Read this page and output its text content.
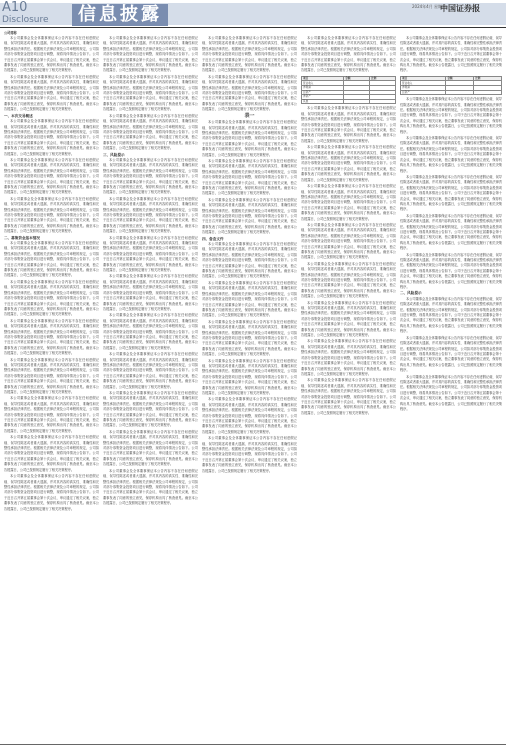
A10
Disclosure	信息披露	2024年4月 星期四
中国证券报
公司简称

本公司董事会及全体董事保证本公告内容不存在任何虚假记载、误导性陈述或者重大遗漏，并对其内容的真实性、准确性和完整性承担法律责任。根据相关法律法规及公司章程的规定，公司拟对部分募集资金投资项目进行调整，现将具体情况公告如下。公司于近日召开第五届董事会第十次会议，审议通过了相关议案，独立董事发表了同意的独立意见，保荐机构出具了核查意见。截至本公告披露日，公司已按照规定履行了相关决策程序。

本公司董事会及全体董事保证本公告内容不存在任何虚假记载、误导性陈述或者重大遗漏，并对其内容的真实性、准确性和完整性承担法律责任。根据相关法律法规及公司章程的规定，公司拟对部分募集资金投资项目进行调整，现将具体情况公告如下。公司于近日召开第五届董事会第十次会议，审议通过了相关议案，独立董事发表了同意的独立意见，保荐机构出具了核查意见。截至本公告披露日，公司已按照规定履行了相关决策程序。

一、本次交易概述

本公司董事会及全体董事保证本公告内容不存在任何虚假记载、误导性陈述或者重大遗漏，并对其内容的真实性、准确性和完整性承担法律责任。根据相关法律法规及公司章程的规定，公司拟对部分募集资金投资项目进行调整，现将具体情况公告如下。公司于近日召开第五届董事会第十次会议，审议通过了相关议案，独立董事发表了同意的独立意见，保荐机构出具了核查意见。截至本公告披露日，公司已按照规定履行了相关决策程序。

本公司董事会及全体董事保证本公告内容不存在任何虚假记载、误导性陈述或者重大遗漏，并对其内容的真实性、准确性和完整性承担法律责任。根据相关法律法规及公司章程的规定，公司拟对部分募集资金投资项目进行调整，现将具体情况公告如下。公司于近日召开第五届董事会第十次会议，审议通过了相关议案，独立董事发表了同意的独立意见，保荐机构出具了核查意见。截至本公告披露日，公司已按照规定履行了相关决策程序。

本公司董事会及全体董事保证本公告内容不存在任何虚假记载、误导性陈述或者重大遗漏，并对其内容的真实性、准确性和完整性承担法律责任。根据相关法律法规及公司章程的规定，公司拟对部分募集资金投资项目进行调整，现将具体情况公告如下。公司于近日召开第五届董事会第十次会议，审议通过了相关议案，独立董事发表了同意的独立意见，保荐机构出具了核查意见。截至本公告披露日，公司已按照规定履行了相关决策程序。

二、募集资金基本情况

本公司董事会及全体董事保证本公告内容不存在任何虚假记载、误导性陈述或者重大遗漏，并对其内容的真实性、准确性和完整性承担法律责任。根据相关法律法规及公司章程的规定，公司拟对部分募集资金投资项目进行调整，现将具体情况公告如下。公司于近日召开第五届董事会第十次会议，审议通过了相关议案，独立董事发表了同意的独立意见，保荐机构出具了核查意见。截至本公告披露日，公司已按照规定履行了相关决策程序。

本公司董事会及全体董事保证本公告内容不存在任何虚假记载、误导性陈述或者重大遗漏，并对其内容的真实性、准确性和完整性承担法律责任。根据相关法律法规及公司章程的规定，公司拟对部分募集资金投资项目进行调整，现将具体情况公告如下。公司于近日召开第五届董事会第十次会议，审议通过了相关议案，独立董事发表了同意的独立意见，保荐机构出具了核查意见。截至本公告披露日，公司已按照规定履行了相关决策程序。

本公司董事会及全体董事保证本公告内容不存在任何虚假记载、误导性陈述或者重大遗漏，并对其内容的真实性、准确性和完整性承担法律责任。根据相关法律法规及公司章程的规定，公司拟对部分募集资金投资项目进行调整，现将具体情况公告如下。公司于近日召开第五届董事会第十次会议，审议通过了相关议案，独立董事发表了同意的独立意见，保荐机构出具了核查意见。截至本公告披露日，公司已按照规定履行了相关决策程序。

本公司董事会及全体董事保证本公告内容不存在任何虚假记载、误导性陈述或者重大遗漏，并对其内容的真实性、准确性和完整性承担法律责任。根据相关法律法规及公司章程的规定，公司拟对部分募集资金投资项目进行调整，现将具体情况公告如下。公司于近日召开第五届董事会第十次会议，审议通过了相关议案，独立董事发表了同意的独立意见，保荐机构出具了核查意见。截至本公告披露日，公司已按照规定履行了相关决策程序。

本公司董事会及全体董事保证本公告内容不存在任何虚假记载、误导性陈述或者重大遗漏，并对其内容的真实性、准确性和完整性承担法律责任。根据相关法律法规及公司章程的规定，公司拟对部分募集资金投资项目进行调整，现将具体情况公告如下。公司于近日召开第五届董事会第十次会议，审议通过了相关议案，独立董事发表了同意的独立意见，保荐机构出具了核查意见。截至本公告披露日，公司已按照规定履行了相关决策程序。

本公司董事会及全体董事保证本公告内容不存在任何虚假记载、误导性陈述或者重大遗漏，并对其内容的真实性、准确性和完整性承担法律责任。根据相关法律法规及公司章程的规定，公司拟对部分募集资金投资项目进行调整，现将具体情况公告如下。公司于近日召开第五届董事会第十次会议，审议通过了相关议案，独立董事发表了同意的独立意见，保荐机构出具了核查意见。截至本公告披露日，公司已按照规定履行了相关决策程序。

本公司董事会及全体董事保证本公告内容不存在任何虚假记载、误导性陈述或者重大遗漏，并对其内容的真实性、准确性和完整性承担法律责任。根据相关法律法规及公司章程的规定，公司拟对部分募集资金投资项目进行调整，现将具体情况公告如下。公司于近日召开第五届董事会第十次会议，审议通过了相关议案，独立董事发表了同意的独立意见，保荐机构出具了核查意见。截至本公告披露日，公司已按照规定履行了相关决策程序。

本公司董事会及全体董事保证本公告内容不存在任何虚假记载、误导性陈述或者重大遗漏，并对其内容的真实性、准确性和完整性承担法律责任。根据相关法律法规及公司章程的规定，公司拟对部分募集资金投资项目进行调整，现将具体情况公告如下。公司于近日召开第五届董事会第十次会议，审议通过了相关议案，独立董事发表了同意的独立意见，保荐机构出具了核查意见。截至本公告披露日，公司已按照规定履行了相关决策程序。

本公司董事会及全体董事保证本公告内容不存在任何虚假记载、误导性陈述或者重大遗漏，并对其内容的真实性、准确性和完整性承担法律责任。根据相关法律法规及公司章程的规定，公司拟对部分募集资金投资项目进行调整，现将具体情况公告如下。公司于近日召开第五届董事会第十次会议，审议通过了相关议案，独立董事发表了同意的独立意见，保荐机构出具了核查意见。截至本公告披露日，公司已按照规定履行了相关决策程序。

本公司董事会及全体董事保证本公告内容不存在任何虚假记载、误导性陈述或者重大遗漏，并对其内容的真实性、准确性和完整性承担法律责任。根据相关法律法规及公司章程的规定，公司拟对部分募集资金投资项目进行调整，现将具体情况公告如下。公司于近日召开第五届董事会第十次会议，审议通过了相关议案，独立董事发表了同意的独立意见，保荐机构出具了核查意见。截至本公告披露日，公司已按照规定履行了相关决策程序。

三、风险提示

本公司董事会及全体董事保证本公告内容不存在任何虚假记载、误导性陈述或者重大遗漏，并对其内容的真实性、准确性和完整性承担法律责任。根据相关法律法规及公司章程的规定，公司拟对部分募集资金投资项目进行调整，现将具体情况公告如下。公司于近日召开第五届董事会第十次会议，审议通过了相关议案，独立董事发表了同意的独立意见，保荐机构出具了核查意见。截至本公告披露日，公司已按照规定履行了相关决策程序。

本公司董事会及全体董事保证本公告内容不存在任何虚假记载、误导性陈述或者重大遗漏，并对其内容的真实性、准确性和完整性承担法律责任。根据相关法律法规及公司章程的规定，公司拟对部分募集资金投资项目进行调整，现将具体情况公告如下。公司于近日召开第五届董事会第十次会议，审议通过了相关议案，独立董事发表了同意的独立意见，保荐机构出具了核查意见。截至本公告披露日，公司已按照规定履行了相关决策程序。

本公司董事会及全体董事保证本公告内容不存在任何虚假记载、误导性陈述或者重大遗漏，并对其内容的真实性、准确性和完整性承担法律责任。根据相关法律法规及公司章程的规定，公司拟对部分募集资金投资项目进行调整，现将具体情况公告如下。公司于近日召开第五届董事会第十次会议，审议通过了相关议案，独立董事发表了同意的独立意见，保荐机构出具了核查意见。截至本公告披露日，公司已按照规定履行了相关决策程序。

本公司董事会及全体董事保证本公告内容不存在任何虚假记载、误导性陈述或者重大遗漏，并对其内容的真实性、准确性和完整性承担法律责任。根据相关法律法规及公司章程的规定，公司拟对部分募集资金投资项目进行调整，现将具体情况公告如下。公司于近日召开第五届董事会第十次会议，审议通过了相关议案，独立董事发表了同意的独立意见，保荐机构出具了核查意见。截至本公告披露日，公司已按照规定履行了相关决策程序。

本公司董事会及全体董事保证本公告内容不存在任何虚假记载、误导性陈述或者重大遗漏，并对其内容的真实性、准确性和完整性承担法律责任。根据相关法律法规及公司章程的规定，公司拟对部分募集资金投资项目进行调整，现将具体情况公告如下。公司于近日召开第五届董事会第十次会议，审议通过了相关议案，独立董事发表了同意的独立意见，保荐机构出具了核查意见。截至本公告披露日，公司已按照规定履行了相关决策程序。

本公司董事会及全体董事保证本公告内容不存在任何虚假记载、误导性陈述或者重大遗漏，并对其内容的真实性、准确性和完整性承担法律责任。根据相关法律法规及公司章程的规定，公司拟对部分募集资金投资项目进行调整，现将具体情况公告如下。公司于近日召开第五届董事会第十次会议，审议通过了相关议案，独立董事发表了同意的独立意见，保荐机构出具了核查意见。截至本公告披露日，公司已按照规定履行了相关决策程序。

本公司董事会及全体董事保证本公告内容不存在任何虚假记载、误导性陈述或者重大遗漏，并对其内容的真实性、准确性和完整性承担法律责任。根据相关法律法规及公司章程的规定，公司拟对部分募集资金投资项目进行调整，现将具体情况公告如下。公司于近日召开第五届董事会第十次会议，审议通过了相关议案，独立董事发表了同意的独立意见，保荐机构出具了核查意见。截至本公告披露日，公司已按照规定履行了相关决策程序。

本公司董事会及全体董事保证本公告内容不存在任何虚假记载、误导性陈述或者重大遗漏，并对其内容的真实性、准确性和完整性承担法律责任。根据相关法律法规及公司章程的规定，公司拟对部分募集资金投资项目进行调整，现将具体情况公告如下。公司于近日召开第五届董事会第十次会议，审议通过了相关议案，独立董事发表了同意的独立意见，保荐机构出具了核查意见。截至本公告披露日，公司已按照规定履行了相关决策程序。

本公司董事会及全体董事保证本公告内容不存在任何虚假记载、误导性陈述或者重大遗漏，并对其内容的真实性、准确性和完整性承担法律责任。根据相关法律法规及公司章程的规定，公司拟对部分募集资金投资项目进行调整，现将具体情况公告如下。公司于近日召开第五届董事会第十次会议，审议通过了相关议案，独立董事发表了同意的独立意见，保荐机构出具了核查意见。截至本公告披露日，公司已按照规定履行了相关决策程序。

本公司董事会及全体董事保证本公告内容不存在任何虚假记载、误导性陈述或者重大遗漏，并对其内容的真实性、准确性和完整性承担法律责任。根据相关法律法规及公司章程的规定，公司拟对部分募集资金投资项目进行调整，现将具体情况公告如下。公司于近日召开第五届董事会第十次会议，审议通过了相关议案，独立董事发表了同意的独立意见，保荐机构出具了核查意见。截至本公告披露日，公司已按照规定履行了相关决策程序。

本公司董事会及全体董事保证本公告内容不存在任何虚假记载、误导性陈述或者重大遗漏，并对其内容的真实性、准确性和完整性承担法律责任。根据相关法律法规及公司章程的规定，公司拟对部分募集资金投资项目进行调整，现将具体情况公告如下。公司于近日召开第五届董事会第十次会议，审议通过了相关议案，独立董事发表了同意的独立意见，保荐机构出具了核查意见。截至本公告披露日，公司已按照规定履行了相关决策程序。

表一

本公司董事会及全体董事保证本公告内容不存在任何虚假记载、误导性陈述或者重大遗漏，并对其内容的真实性、准确性和完整性承担法律责任。根据相关法律法规及公司章程的规定，公司拟对部分募集资金投资项目进行调整，现将具体情况公告如下。公司于近日召开第五届董事会第十次会议，审议通过了相关议案，独立董事发表了同意的独立意见，保荐机构出具了核查意见。截至本公告披露日，公司已按照规定履行了相关决策程序。

本公司董事会及全体董事保证本公告内容不存在任何虚假记载、误导性陈述或者重大遗漏，并对其内容的真实性、准确性和完整性承担法律责任。根据相关法律法规及公司章程的规定，公司拟对部分募集资金投资项目进行调整，现将具体情况公告如下。公司于近日召开第五届董事会第十次会议，审议通过了相关议案，独立董事发表了同意的独立意见，保荐机构出具了核查意见。截至本公告披露日，公司已按照规定履行了相关决策程序。

本公司董事会及全体董事保证本公告内容不存在任何虚假记载、误导性陈述或者重大遗漏，并对其内容的真实性、准确性和完整性承担法律责任。根据相关法律法规及公司章程的规定，公司拟对部分募集资金投资项目进行调整，现将具体情况公告如下。公司于近日召开第五届董事会第十次会议，审议通过了相关议案，独立董事发表了同意的独立意见，保荐机构出具了核查意见。截至本公告披露日，公司已按照规定履行了相关决策程序。

四、备查文件

本公司董事会及全体董事保证本公告内容不存在任何虚假记载、误导性陈述或者重大遗漏，并对其内容的真实性、准确性和完整性承担法律责任。根据相关法律法规及公司章程的规定，公司拟对部分募集资金投资项目进行调整，现将具体情况公告如下。公司于近日召开第五届董事会第十次会议，审议通过了相关议案，独立董事发表了同意的独立意见，保荐机构出具了核查意见。截至本公告披露日，公司已按照规定履行了相关决策程序。

本公司董事会及全体董事保证本公告内容不存在任何虚假记载、误导性陈述或者重大遗漏，并对其内容的真实性、准确性和完整性承担法律责任。根据相关法律法规及公司章程的规定，公司拟对部分募集资金投资项目进行调整，现将具体情况公告如下。公司于近日召开第五届董事会第十次会议，审议通过了相关议案，独立董事发表了同意的独立意见，保荐机构出具了核查意见。截至本公告披露日，公司已按照规定履行了相关决策程序。

本公司董事会及全体董事保证本公告内容不存在任何虚假记载、误导性陈述或者重大遗漏，并对其内容的真实性、准确性和完整性承担法律责任。根据相关法律法规及公司章程的规定，公司拟对部分募集资金投资项目进行调整，现将具体情况公告如下。公司于近日召开第五届董事会第十次会议，审议通过了相关议案，独立董事发表了同意的独立意见，保荐机构出具了核查意见。截至本公告披露日，公司已按照规定履行了相关决策程序。

本公司董事会及全体董事保证本公告内容不存在任何虚假记载、误导性陈述或者重大遗漏，并对其内容的真实性、准确性和完整性承担法律责任。根据相关法律法规及公司章程的规定，公司拟对部分募集资金投资项目进行调整，现将具体情况公告如下。公司于近日召开第五届董事会第十次会议，审议通过了相关议案，独立董事发表了同意的独立意见，保荐机构出具了核查意见。截至本公告披露日，公司已按照规定履行了相关决策程序。

本公司董事会及全体董事保证本公告内容不存在任何虚假记载、误导性陈述或者重大遗漏，并对其内容的真实性、准确性和完整性承担法律责任。根据相关法律法规及公司章程的规定，公司拟对部分募集资金投资项目进行调整，现将具体情况公告如下。公司于近日召开第五届董事会第十次会议，审议通过了相关议案，独立董事发表了同意的独立意见，保荐机构出具了核查意见。截至本公告披露日，公司已按照规定履行了相关决策程序。

本公司董事会及全体董事保证本公告内容不存在任何虚假记载、误导性陈述或者重大遗漏，并对其内容的真实性、准确性和完整性承担法律责任。根据相关法律法规及公司章程的规定，公司拟对部分募集资金投资项目进行调整，现将具体情况公告如下。公司于近日召开第五届董事会第十次会议，审议通过了相关议案，独立董事发表了同意的独立意见，保荐机构出具了核查意见。截至本公告披露日，公司已按照规定履行了相关决策程序。

本公司董事会及全体董事保证本公告内容不存在任何虚假记载、误导性陈述或者重大遗漏，并对其内容的真实性、准确性和完整性承担法律责任。根据相关法律法规及公司章程的规定，公司拟对部分募集资金投资项目进行调整，现将具体情况公告如下。公司于近日召开第五届董事会第十次会议，审议通过了相关议案，独立董事发表了同意的独立意见，保荐机构出具了核查意见。截至本公告披露日，公司已按照规定履行了相关决策程序。

项目	金额	比例
营业收入		
净利润		
总资产		
净资产		
其他		

本公司董事会及全体董事保证本公告内容不存在任何虚假记载、误导性陈述或者重大遗漏，并对其内容的真实性、准确性和完整性承担法律责任。根据相关法律法规及公司章程的规定，公司拟对部分募集资金投资项目进行调整，现将具体情况公告如下。公司于近日召开第五届董事会第十次会议，审议通过了相关议案，独立董事发表了同意的独立意见，保荐机构出具了核查意见。截至本公告披露日，公司已按照规定履行了相关决策程序。

本公司董事会及全体董事保证本公告内容不存在任何虚假记载、误导性陈述或者重大遗漏，并对其内容的真实性、准确性和完整性承担法律责任。根据相关法律法规及公司章程的规定，公司拟对部分募集资金投资项目进行调整，现将具体情况公告如下。公司于近日召开第五届董事会第十次会议，审议通过了相关议案，独立董事发表了同意的独立意见，保荐机构出具了核查意见。截至本公告披露日，公司已按照规定履行了相关决策程序。

本公司董事会及全体董事保证本公告内容不存在任何虚假记载、误导性陈述或者重大遗漏，并对其内容的真实性、准确性和完整性承担法律责任。根据相关法律法规及公司章程的规定，公司拟对部分募集资金投资项目进行调整，现将具体情况公告如下。公司于近日召开第五届董事会第十次会议，审议通过了相关议案，独立董事发表了同意的独立意见，保荐机构出具了核查意见。截至本公告披露日，公司已按照规定履行了相关决策程序。

本公司董事会及全体董事保证本公告内容不存在任何虚假记载、误导性陈述或者重大遗漏，并对其内容的真实性、准确性和完整性承担法律责任。根据相关法律法规及公司章程的规定，公司拟对部分募集资金投资项目进行调整，现将具体情况公告如下。公司于近日召开第五届董事会第十次会议，审议通过了相关议案，独立董事发表了同意的独立意见，保荐机构出具了核查意见。截至本公告披露日，公司已按照规定履行了相关决策程序。

本公司董事会及全体董事保证本公告内容不存在任何虚假记载、误导性陈述或者重大遗漏，并对其内容的真实性、准确性和完整性承担法律责任。根据相关法律法规及公司章程的规定，公司拟对部分募集资金投资项目进行调整，现将具体情况公告如下。公司于近日召开第五届董事会第十次会议，审议通过了相关议案，独立董事发表了同意的独立意见，保荐机构出具了核查意见。截至本公告披露日，公司已按照规定履行了相关决策程序。

本公司董事会及全体董事保证本公告内容不存在任何虚假记载、误导性陈述或者重大遗漏，并对其内容的真实性、准确性和完整性承担法律责任。根据相关法律法规及公司章程的规定，公司拟对部分募集资金投资项目进行调整，现将具体情况公告如下。公司于近日召开第五届董事会第十次会议，审议通过了相关议案，独立董事发表了同意的独立意见，保荐机构出具了核查意见。截至本公告披露日，公司已按照规定履行了相关决策程序。

本公司董事会及全体董事保证本公告内容不存在任何虚假记载、误导性陈述或者重大遗漏，并对其内容的真实性、准确性和完整性承担法律责任。根据相关法律法规及公司章程的规定，公司拟对部分募集资金投资项目进行调整，现将具体情况公告如下。公司于近日召开第五届董事会第十次会议，审议通过了相关议案，独立董事发表了同意的独立意见，保荐机构出具了核查意见。截至本公告披露日，公司已按照规定履行了相关决策程序。

本公司董事会及全体董事保证本公告内容不存在任何虚假记载、误导性陈述或者重大遗漏，并对其内容的真实性、准确性和完整性承担法律责任。根据相关法律法规及公司章程的规定，公司拟对部分募集资金投资项目进行调整，现将具体情况公告如下。公司于近日召开第五届董事会第十次会议，审议通过了相关议案，独立董事发表了同意的独立意见，保荐机构出具了核查意见。截至本公告披露日，公司已按照规定履行了相关决策程序。

本公司董事会及全体董事保证本公告内容不存在任何虚假记载、误导性陈述或者重大遗漏，并对其内容的真实性、准确性和完整性承担法律责任。根据相关法律法规及公司章程的规定，公司拟对部分募集资金投资项目进行调整，现将具体情况公告如下。公司于近日召开第五届董事会第十次会议，审议通过了相关议案，独立董事发表了同意的独立意见，保荐机构出具了核查意见。截至本公告披露日，公司已按照规定履行了相关决策程序。

项目	金额	比例
营业收入		
净利润		
总资产		

本公司董事会及全体董事保证本公告内容不存在任何虚假记载、误导性陈述或者重大遗漏，并对其内容的真实性、准确性和完整性承担法律责任。根据相关法律法规及公司章程的规定，公司拟对部分募集资金投资项目进行调整，现将具体情况公告如下。公司于近日召开第五届董事会第十次会议，审议通过了相关议案，独立董事发表了同意的独立意见，保荐机构出具了核查意见。截至本公告披露日，公司已按照规定履行了相关决策程序。

本公司董事会及全体董事保证本公告内容不存在任何虚假记载、误导性陈述或者重大遗漏，并对其内容的真实性、准确性和完整性承担法律责任。根据相关法律法规及公司章程的规定，公司拟对部分募集资金投资项目进行调整，现将具体情况公告如下。公司于近日召开第五届董事会第十次会议，审议通过了相关议案，独立董事发表了同意的独立意见，保荐机构出具了核查意见。截至本公告披露日，公司已按照规定履行了相关决策程序。

本公司董事会及全体董事保证本公告内容不存在任何虚假记载、误导性陈述或者重大遗漏，并对其内容的真实性、准确性和完整性承担法律责任。根据相关法律法规及公司章程的规定，公司拟对部分募集资金投资项目进行调整，现将具体情况公告如下。公司于近日召开第五届董事会第十次会议，审议通过了相关议案，独立董事发表了同意的独立意见，保荐机构出具了核查意见。截至本公告披露日，公司已按照规定履行了相关决策程序。

本公司董事会及全体董事保证本公告内容不存在任何虚假记载、误导性陈述或者重大遗漏，并对其内容的真实性、准确性和完整性承担法律责任。根据相关法律法规及公司章程的规定，公司拟对部分募集资金投资项目进行调整，现将具体情况公告如下。公司于近日召开第五届董事会第十次会议，审议通过了相关议案，独立董事发表了同意的独立意见，保荐机构出具了核查意见。截至本公告披露日，公司已按照规定履行了相关决策程序。

本公司董事会及全体董事保证本公告内容不存在任何虚假记载、误导性陈述或者重大遗漏，并对其内容的真实性、准确性和完整性承担法律责任。根据相关法律法规及公司章程的规定，公司拟对部分募集资金投资项目进行调整，现将具体情况公告如下。公司于近日召开第五届董事会第十次会议，审议通过了相关议案，独立董事发表了同意的独立意见，保荐机构出具了核查意见。截至本公告披露日，公司已按照规定履行了相关决策程序。

二、风险提示

本公司董事会及全体董事保证本公告内容不存在任何虚假记载、误导性陈述或者重大遗漏，并对其内容的真实性、准确性和完整性承担法律责任。根据相关法律法规及公司章程的规定，公司拟对部分募集资金投资项目进行调整，现将具体情况公告如下。公司于近日召开第五届董事会第十次会议，审议通过了相关议案，独立董事发表了同意的独立意见，保荐机构出具了核查意见。截至本公告披露日，公司已按照规定履行了相关决策程序。

本公司董事会及全体董事保证本公告内容不存在任何虚假记载、误导性陈述或者重大遗漏，并对其内容的真实性、准确性和完整性承担法律责任。根据相关法律法规及公司章程的规定，公司拟对部分募集资金投资项目进行调整，现将具体情况公告如下。公司于近日召开第五届董事会第十次会议，审议通过了相关议案，独立董事发表了同意的独立意见，保荐机构出具了核查意见。截至本公告披露日，公司已按照规定履行了相关决策程序。

本公司董事会及全体董事保证本公告内容不存在任何虚假记载、误导性陈述或者重大遗漏，并对其内容的真实性、准确性和完整性承担法律责任。根据相关法律法规及公司章程的规定，公司拟对部分募集资金投资项目进行调整，现将具体情况公告如下。公司于近日召开第五届董事会第十次会议，审议通过了相关议案，独立董事发表了同意的独立意见，保荐机构出具了核查意见。截至本公告披露日，公司已按照规定履行了相关决策程序。
